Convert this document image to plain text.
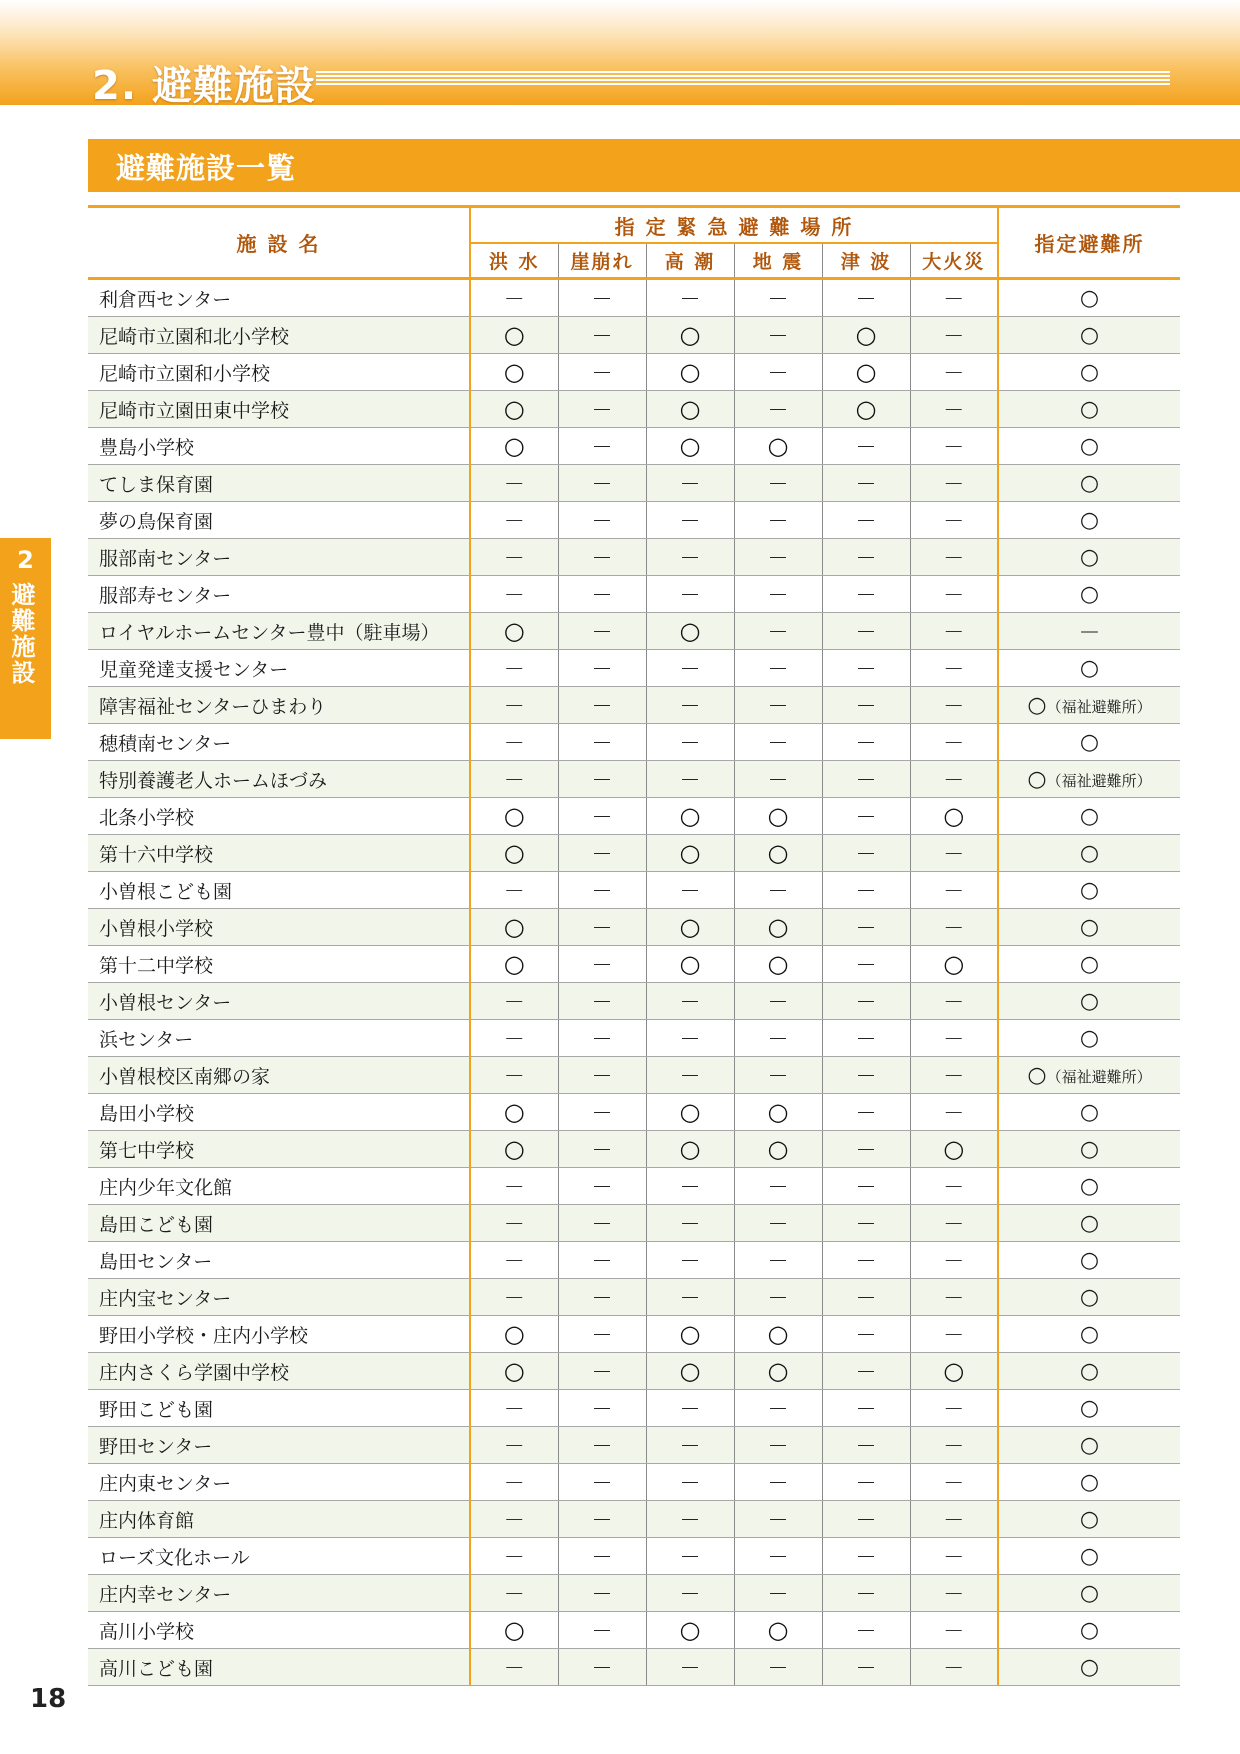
2. 避難施設
避難施設一覧
2
避難施設
施 設 名	指 定 緊 急 避 難 場 所						指定避難所
	洪 水	崖崩れ	高 潮	地 震	津 波	大火災	
利倉西センター	－	－	－	－	－	－	○
尼崎市立園和北小学校	○	－	○	－	○	－	○
尼崎市立園和小学校	○	－	○	－	○	－	○
尼崎市立園田東中学校	○	－	○	－	○	－	○
豊島小学校	○	－	○	○	－	－	○
てしま保育園	－	－	－	－	－	－	○
夢の鳥保育園	－	－	－	－	－	－	○
服部南センター	－	－	－	－	－	－	○
服部寿センター	－	－	－	－	－	－	○
ロイヤルホームセンター豊中（駐車場）	○	－	○	－	－	－	－
児童発達支援センター	－	－	－	－	－	－	○
障害福祉センターひまわり	－	－	－	－	－	－	○（福祉避難所）
穂積南センター	－	－	－	－	－	－	○
特別養護老人ホームほづみ	－	－	－	－	－	－	○（福祉避難所）
北条小学校	○	－	○	○	－	○	○
第十六中学校	○	－	○	○	－	－	○
小曽根こども園	－	－	－	－	－	－	○
小曽根小学校	○	－	○	○	－	－	○
第十二中学校	○	－	○	○	－	○	○
小曽根センター	－	－	－	－	－	－	○
浜センター	－	－	－	－	－	－	○
小曽根校区南郷の家	－	－	－	－	－	－	○（福祉避難所）
島田小学校	○	－	○	○	－	－	○
第七中学校	○	－	○	○	－	○	○
庄内少年文化館	－	－	－	－	－	－	○
島田こども園	－	－	－	－	－	－	○
島田センター	－	－	－	－	－	－	○
庄内宝センター	－	－	－	－	－	－	○
野田小学校・庄内小学校	○	－	○	○	－	－	○
庄内さくら学園中学校	○	－	○	○	－	○	○
野田こども園	－	－	－	－	－	－	○
野田センター	－	－	－	－	－	－	○
庄内東センター	－	－	－	－	－	－	○
庄内体育館	－	－	－	－	－	－	○
ローズ文化ホール	－	－	－	－	－	－	○
庄内幸センター	－	－	－	－	－	－	○
高川小学校	○	－	○	○	－	－	○
高川こども園	－	－	－	－	－	－	○
18
